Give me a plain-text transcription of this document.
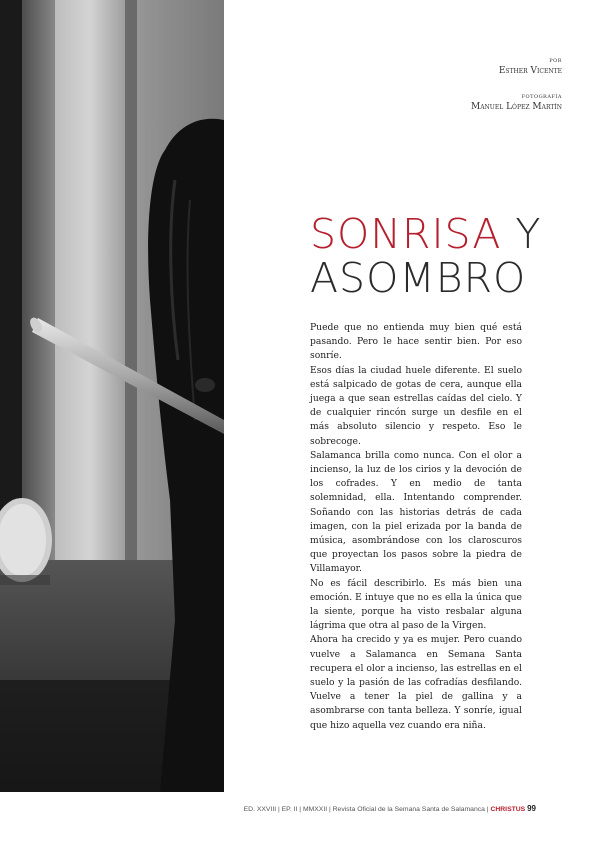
por

Esther Vicente

fotografía

Manuel López Martín

SONRISA Y
ASOMBRO

Puede que no entienda muy bien qué está pasando. Pero le hace sentir bien. Por eso sonríe.

Esos días la ciudad huele diferente. El suelo está salpicado de gotas de cera, aunque ella juega a que sean estrellas caídas del cielo. Y de cualquier rincón surge un desfile en el más absoluto silencio y respeto. Eso le sobrecoge.

Salamanca brilla como nunca. Con el olor a incienso, la luz de los cirios y la devoción de los cofrades. Y en medio de tanta solemnidad, ella. Intentando comprender. Soñando con las historias detrás de cada imagen, con la piel erizada por la banda de música, asombrándose con los claroscuros que proyectan los pasos sobre la piedra de Villamayor.

No es fácil describirlo. Es más bien una emoción. E intuye que no es ella la única que la siente, porque ha visto resbalar alguna lágrima que otra al paso de la Virgen.

Ahora ha crecido y ya es mujer. Pero cuando vuelve a Salamanca en Semana Santa recupera el olor a incienso, las estrellas en el suelo y la pasión de las cofradías desfilando. Vuelve a tener la piel de gallina y a asombrarse con tanta belleza. Y sonríe, igual que hizo aquella vez cuando era niña.

ED. XXVIII | EP. II | MMXXII | Revista Oficial de la Semana Santa de Salamanca | CHRISTUS 99
